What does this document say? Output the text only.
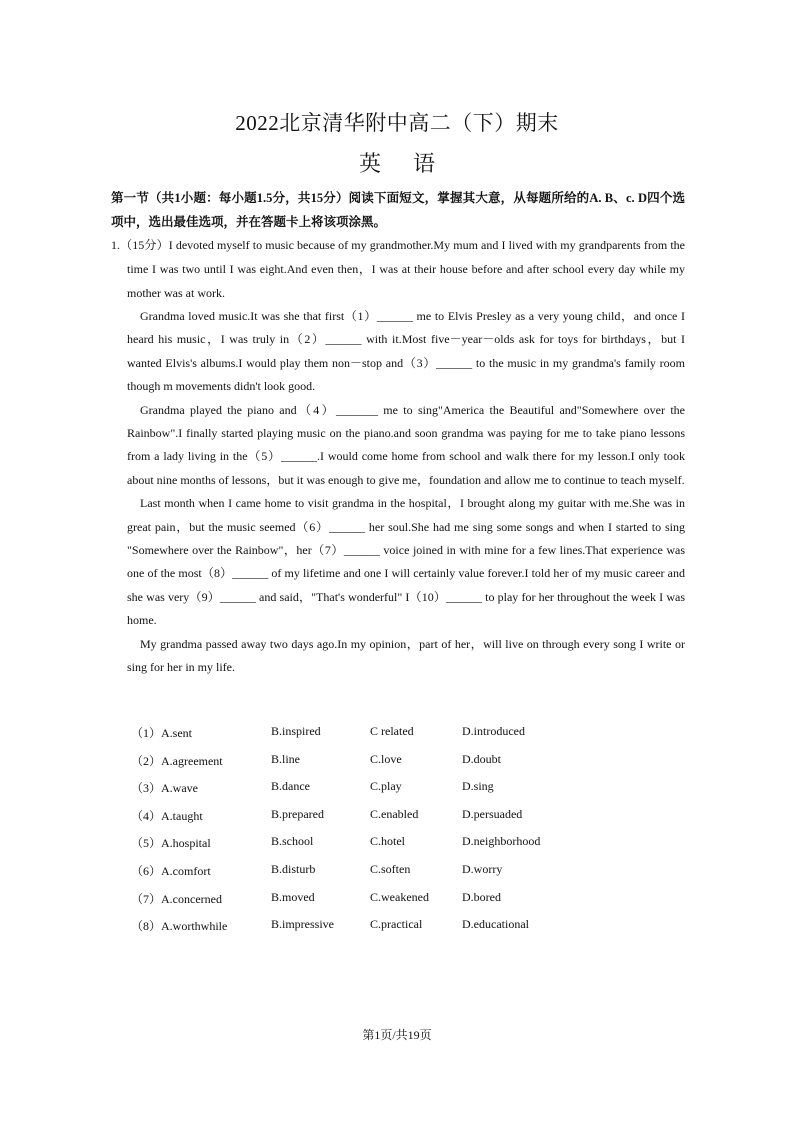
2022北京清华附中高二（下）期末
英语

第一节（共1小题：每小题1.5分，共15分）阅读下面短文，掌握其大意，从每题所给的A. B、c. D四个选项中，选出最佳选项，并在答题卡上将该项涂黑。

1.（15分）I devoted myself to music because of my grandmother.My mum and I lived with my grandparents from the time I was two until I was eight.And even then，I was at their house before and after school every day while my mother was at work.

Grandma loved music.It was she that first（1）______ me to Elvis Presley as a very young child，and once I heard his music，I was truly in（2）______ with it.Most five－year－olds ask for toys for birthdays，but I wanted Elvis's albums.I would play them non－stop and（3）______ to the music in my grandma's family room though m movements didn't look good.

Grandma played the piano and（4）_______ me to sing"America the Beautiful and"Somewhere over the Rainbow".I finally started playing music on the piano.and soon grandma was paying for me to take piano lessons from a lady living in the（5）______.I would come home from school and walk there for my lesson.I only took about nine months of lessons，but it was enough to give me，foundation and allow me to continue to teach myself.

Last month when I came home to visit grandma in the hospital，I brought along my guitar with me.She was in great pain，but the music seemed（6）______ her soul.She had me sing some songs and when I started to sing "Somewhere over the Rainbow"，her（7）______ voice joined in with mine for a few lines.That experience was one of the most（8）______ of my lifetime and one I will certainly value forever.I told her of my music career and she was very（9）______ and said，"That's wonderful" I（10）______ to play for her throughout the week I was home.

My grandma passed away two days ago.In my opinion，part of her，will live on through every song I write or sing for her in my life.

（1）A.sent	B.inspired	C related	D.introduced
（2）A.agreement	B.line	C.love	D.doubt
（3）A.wave	B.dance	C.play	D.sing
（4）A.taught	B.prepared	C.enabled	D.persuaded
（5）A.hospital	B.school	C.hotel	D.neighborhood
（6）A.comfort	B.disturb	C.soften	D.worry
（7）A.concerned	B.moved	C.weakened	D.bored
（8）A.worthwhile	B.impressive	C.practical	D.educational
第1页/共19页
